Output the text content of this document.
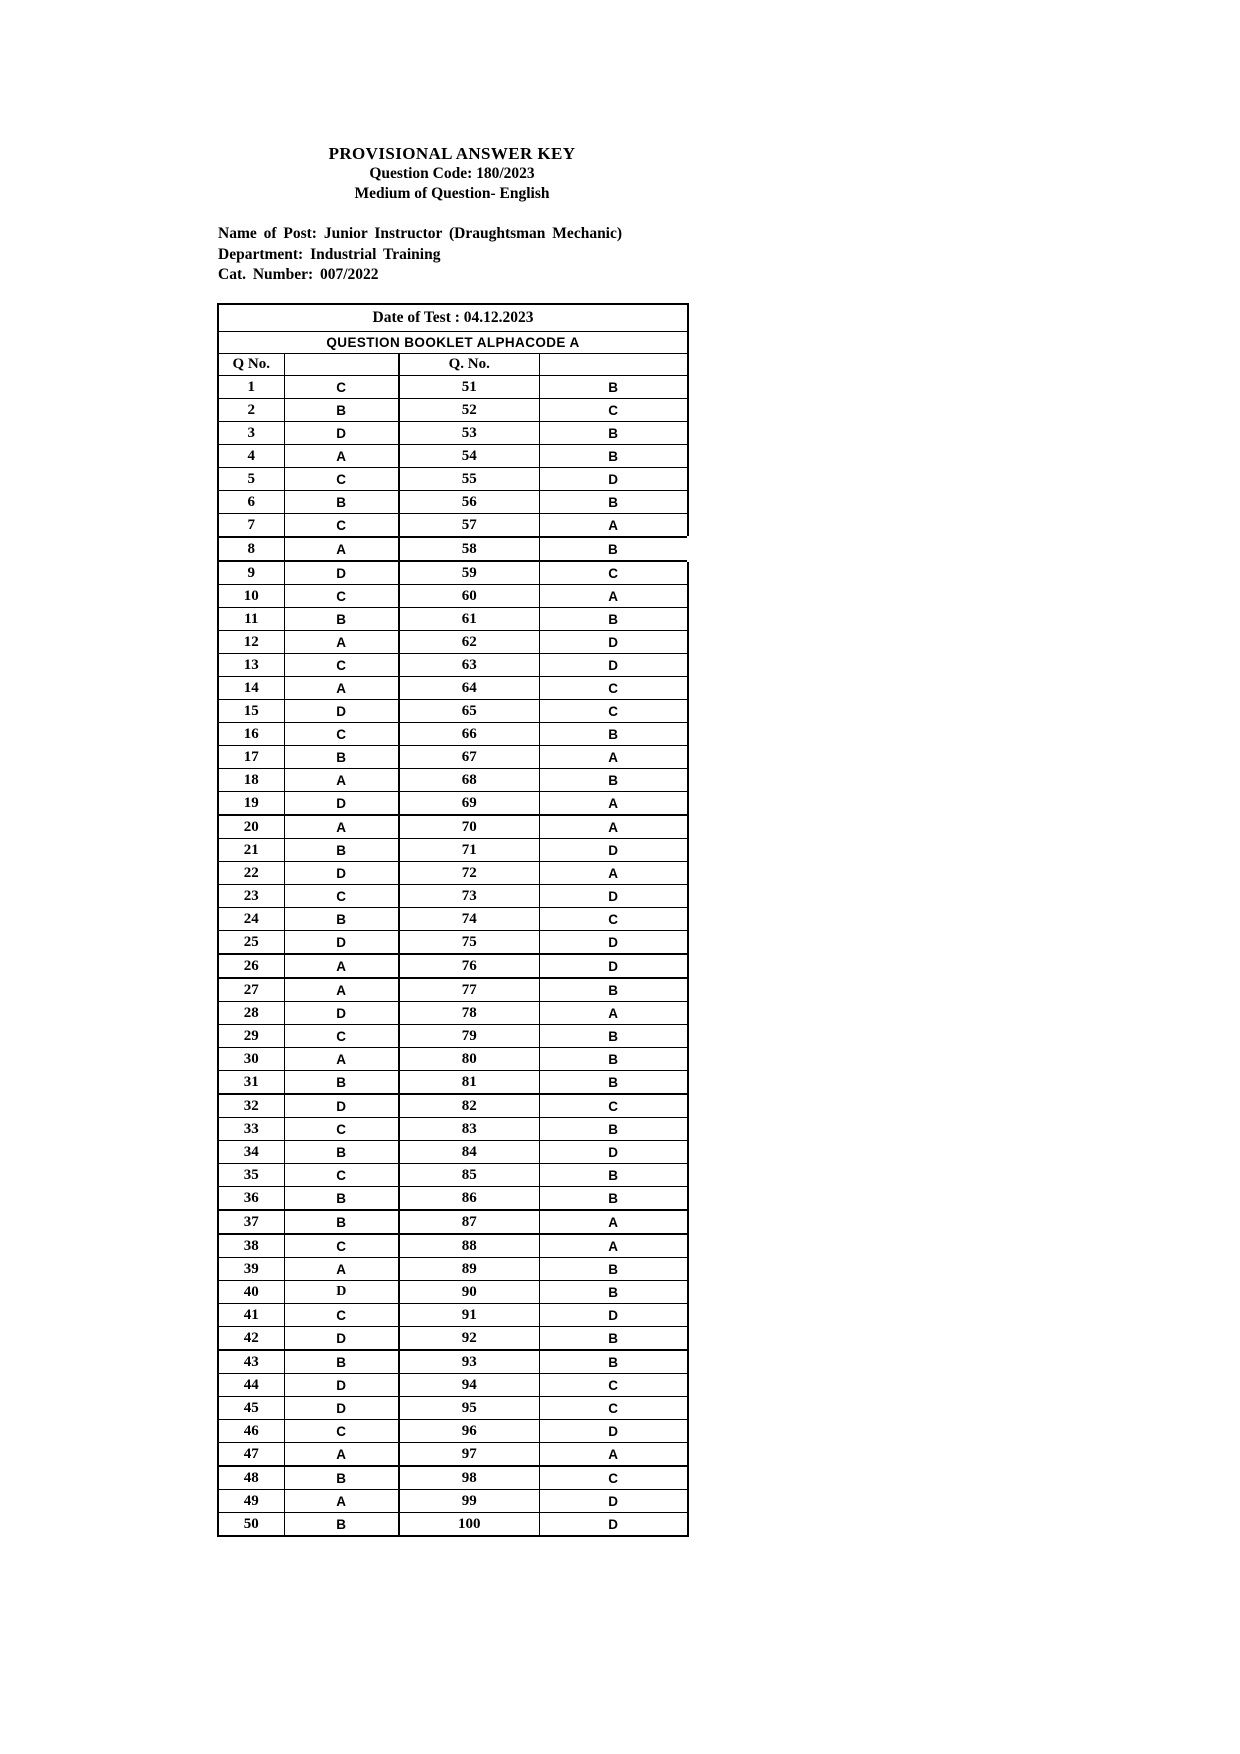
PROVISIONAL ANSWER KEY
Question Code: 180/2023
Medium of Question- English
Name of Post: Junior Instructor (Draughtsman Mechanic)
Department: Industrial Training
Cat. Number: 007/2022
Date of Test : 04.12.2023			
QUESTION BOOKLET ALPHACODE A			
Q No.		Q. No.	
1	C	51	B
2	B	52	C
3	D	53	B
4	A	54	B
5	C	55	D
6	B	56	B
7	C	57	A
8	A	58	B
9	D	59	C
10	C	60	A
11	B	61	B
12	A	62	D
13	C	63	D
14	A	64	C
15	D	65	C
16	C	66	B
17	B	67	A
18	A	68	B
19	D	69	A
20	A	70	A
21	B	71	D
22	D	72	A
23	C	73	D
24	B	74	C
25	D	75	D
26	A	76	D
27	A	77	B
28	D	78	A
29	C	79	B
30	A	80	B
31	B	81	B
32	D	82	C
33	C	83	B
34	B	84	D
35	C	85	B
36	B	86	B
37	B	87	A
38	C	88	A
39	A	89	B
40	D	90	B
41	C	91	D
42	D	92	B
43	B	93	B
44	D	94	C
45	D	95	C
46	C	96	D
47	A	97	A
48	B	98	C
49	A	99	D
50	B	100	D
